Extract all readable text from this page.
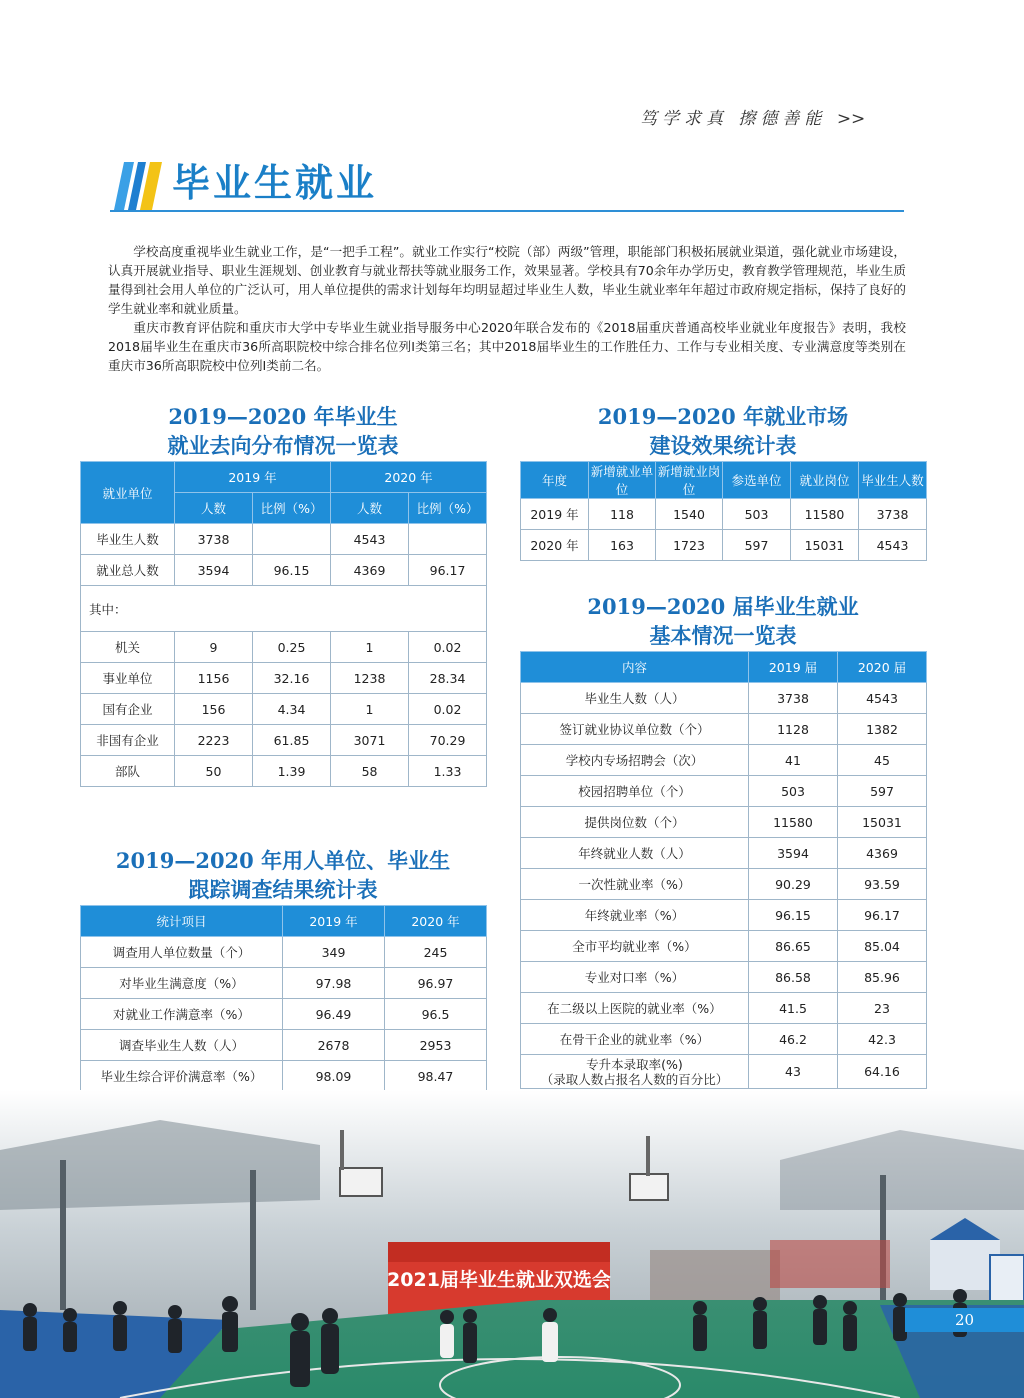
笃学求真 擦德善能 >>
毕业生就业

学校高度重视毕业生就业工作，是“一把手工程”。就业工作实行“校院（部）两级”管理，职能部门积极拓展就业渠道，强化就业市场建设，认真开展就业指导、职业生涯规划、创业教育与就业帮扶等就业服务工作，效果显著。学校具有70余年办学历史，教育教学管理规范，毕业生质量得到社会用人单位的广泛认可，用人单位提供的需求计划每年均明显超过毕业生人数，毕业生就业率年年超过市政府规定指标，保持了良好的学生就业率和就业质量。

重庆市教育评估院和重庆市大学中专毕业生就业指导服务中心2020年联合发布的《2018届重庆普通高校毕业就业年度报告》表明，我校2018届毕业生在重庆市36所高职院校中综合排名位列Ⅰ类第三名；其中2018届毕业生的工作胜任力、工作与专业相关度、专业满意度等类别在重庆市36所高职院校中位列Ⅰ类前二名。

2019—2020 年毕业生
就业去向分布情况一览表
就业单位	2019 年		2020 年	
	人数	比例（%）	人数	比例（%）
毕业生人数	3738		4543	
就业总人数	3594	96.15	4369	96.17
其中：				
机关	9	0.25	1	0.02
事业单位	1156	32.16	1238	28.34
国有企业	156	4.34	1	0.02
非国有企业	2223	61.85	3071	70.29
部队	50	1.39	58	1.33
2019—2020 年就业市场
建设效果统计表
年度	新增就业单位	新增就业岗位	参选单位	就业岗位	毕业生人数
2019 年	118	1540	503	11580	3738
2020 年	163	1723	597	15031	4543
2019—2020 届毕业生就业
基本情况一览表
内容	2019 届	2020 届
毕业生人数（人）	3738	4543
签订就业协议单位数（个）	1128	1382
学校内专场招聘会（次）	41	45
校园招聘单位（个）	503	597
提供岗位数（个）	11580	15031
年终就业人数（人）	3594	4369
一次性就业率（%）	90.29	93.59
年终就业率（%）	96.15	96.17
全市平均就业率（%）	86.65	85.04
专业对口率（%）	86.58	85.96
在二级以上医院的就业率（%）	41.5	23
在骨干企业的就业率（%）	46.2	42.3

专升本录取率(%)
（录取人数占报名人数的百分比）	43	64.16
2019—2020 年用人单位、毕业生
跟踪调查结果统计表
统计项目	2019 年	2020 年
调查用人单位数量（个）	349	245
对毕业生满意度（%）	97.98	96.97
对就业工作满意率（%）	96.49	96.5
调查毕业生人数（人）	2678	2953
毕业生综合评价满意率（%）	98.09	98.47
2021届毕业生就业双选会
20
